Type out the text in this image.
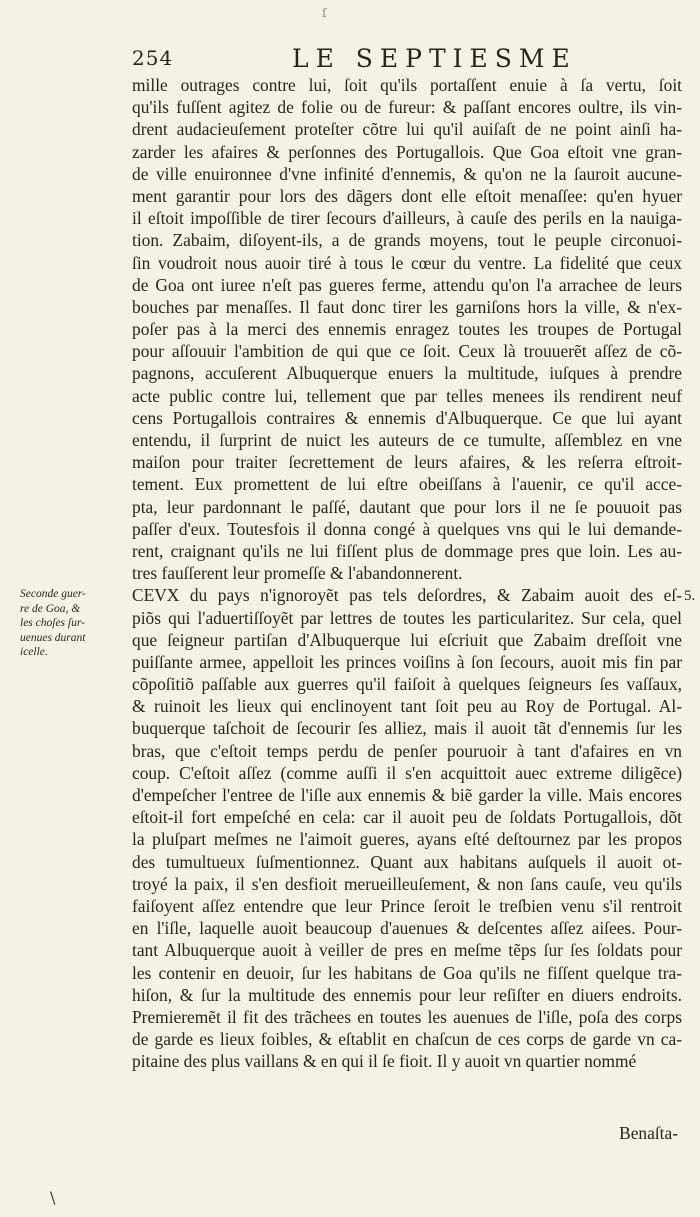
ſ
254	LE SEPTIESME
Seconde guer-
re de Goa, &
les choſes ſur-
uenues durant
icelle.
5.
mille outrages contre lui, ſoit qu'ils portaſſent enuie à ſa vertu, ſoit
qu'ils fuſſent agitez de folie ou de fureur: & paſſant encores oultre, ils vin-
drent audacieuſement proteſter cõtre lui qu'il auiſaſt de ne point ainſi ha-
zarder les afaires & perſonnes des Portugallois. Que Goa eſtoit vne gran-
de ville enuironnee d'vne infinité d'ennemis, & qu'on ne la ſauroit aucune-
ment garantir pour lors des dãgers dont elle eſtoit menaſſee: qu'en hyuer
il eſtoit impoſſible de tirer ſecours d'ailleurs, à cauſe des perils en la nauiga-
tion. Zabaim, diſoyent-ils, a de grands moyens, tout le peuple circonuoi-
ſin voudroit nous auoir tiré à tous le cœur du ventre. La fidelité que ceux
de Goa ont iuree n'eſt pas gueres ferme, attendu qu'on l'a arrachee de leurs
bouches par menaſſes. Il faut donc tirer les garniſons hors la ville, & n'ex-
poſer pas à la merci des ennemis enragez toutes les troupes de Portugal
pour aſſouuir l'ambition de qui que ce ſoit. Ceux là trouuerẽt aſſez de cõ-
pagnons, accuſerent Albuquerque enuers la multitude, iuſques à prendre
acte public contre lui, tellement que par telles menees ils rendirent neuf
cens Portugallois contraires & ennemis d'Albuquerque. Ce que lui ayant
entendu, il ſurprint de nuict les auteurs de ce tumulte, aſſemblez en vne
maiſon pour traiter ſecrettement de leurs afaires, & les reſerra eſtroit-
tement. Eux promettent de lui eſtre obeiſſans à l'auenir, ce qu'il acce-
pta, leur pardonnant le paſſé, dautant que pour lors il ne ſe pouuoit pas
paſſer d'eux. Toutesfois il donna congé à quelques vns qui le lui demande-
rent, craignant qu'ils ne lui fiſſent plus de dommage pres que loin. Les au-
tres fauſſerent leur promeſſe & l'abandonnerent.
CEVX du pays n'ignoroyẽt pas tels deſordres, & Zabaim auoit des eſ-
piõs qui l'aduertiſſoyẽt par lettres de toutes les particularitez. Sur cela, quel
que ſeigneur partiſan d'Albuquerque lui eſcriuit que Zabaim dreſſoit vne
puiſſante armee, appelloit les princes voiſins à ſon ſecours, auoit mis fin par
cõpoſitiõ paſſable aux guerres qu'il faiſoit à quelques ſeigneurs ſes vaſſaux,
& ruinoit les lieux qui enclinoyent tant ſoit peu au Roy de Portugal. Al-
buquerque taſchoit de ſecourir ſes alliez, mais il auoit tãt d'ennemis ſur les
bras, que c'eſtoit temps perdu de penſer pouruoir à tant d'afaires en vn
coup. C'eſtoit aſſez (comme auſſi il s'en acquittoit auec extreme diligẽce)
d'empeſcher l'entree de l'iſle aux ennemis & biẽ garder la ville. Mais encores
eſtoit-il fort empeſché en cela: car il auoit peu de ſoldats Portugallois, dõt
la pluſpart meſmes ne l'aimoit gueres, ayans eſté deſtournez par les propos
des tumultueux ſuſmentionnez. Quant aux habitans auſquels il auoit ot-
troyé la paix, il s'en desfioit merueilleuſement, & non ſans cauſe, veu qu'ils
faiſoyent aſſez entendre que leur Prince ſeroit le treſbien venu s'il rentroit
en l'iſle, laquelle auoit beaucoup d'auenues & deſcentes aſſez aiſees. Pour-
tant Albuquerque auoit à veiller de pres en meſme tẽps ſur ſes ſoldats pour
les contenir en deuoir, ſur les habitans de Goa qu'ils ne fiſſent quelque tra-
hiſon, & ſur la multitude des ennemis pour leur reſiſter en diuers endroits.
Premieremẽt il fit des trãchees en toutes les auenues de l'iſle, poſa des corps
de garde es lieux foibles, & eſtablit en chaſcun de ces corps de garde vn ca-
pitaine des plus vaillans & en qui il ſe fioit. Il y auoit vn quartier nommé
Benaſta-
\
